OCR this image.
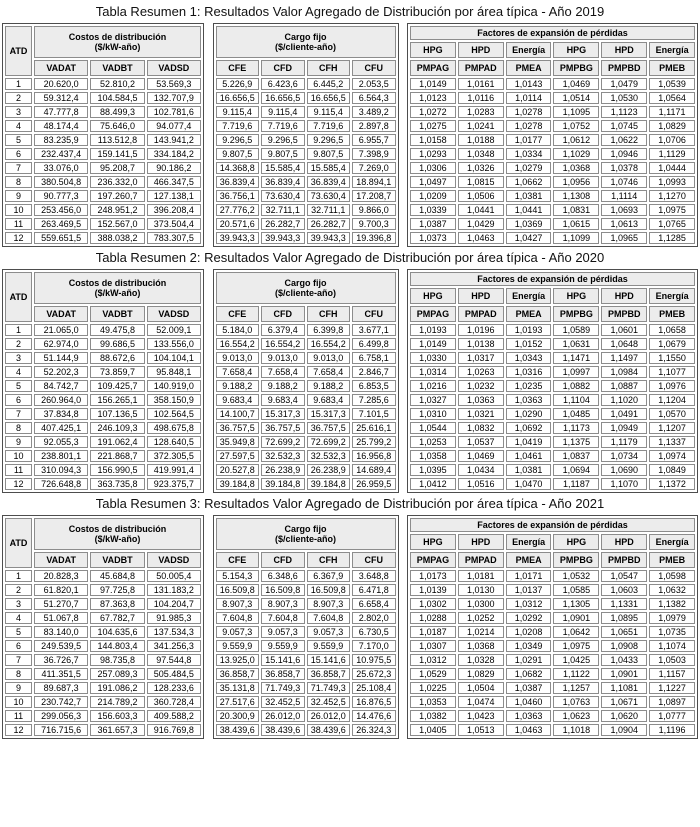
Tabla Resumen 1: Resultados Valor Agregado de Distribución por área típica - Año 2019
ATD	Costos de distribución
($/kW-año)		
	VADAT	VADBT	VADSD
1	20.620,0	52.810,2	53.569,3
2	59.312,4	104.584,5	132.707,9
3	47.777,8	88.499,3	102.781,6
4	48.174,4	75.646,0	94.077,4
5	83.235,9	113.512,8	143.941,2
6	232.437,4	159.141,5	334.184,2
7	33.076,0	95.208,7	90.186,2
8	380.504,8	236.332,0	466.347,5
9	90.777,3	197.260,7	127.138,1
10	253.456,0	248.951,2	396.208,4
11	263.469,5	152.567,0	373.504,4
12	559.651,5	388.038,2	783.307,5
Cargo fijo
($/cliente-año)			
CFE	CFD	CFH	CFU
5.226,9	6.423,6	6.445,2	2.053,5
16.656,5	16.656,5	16.656,5	6.564,3
9.115,4	9.115,4	9.115,4	3.489,2
7.719,6	7.719,6	7.719,6	2.897,8
9.296,5	9.296,5	9.296,5	6.955,7
9.807,5	9.807,5	9.807,5	7.398,9
14.368,8	15.585,4	15.585,4	7.269,0
36.839,4	36.839,4	36.839,4	18.894,1
36.756,1	73.630,4	73.630,4	17.208,7
27.776,2	32.711,1	32.711,1	9.866,0
20.571,6	26.282,7	26.282,7	9.700,3
39.943,3	39.943,3	39.943,3	19.396,8
Factores de expansión de pérdidas					
HPG	HPD	Energía	HPG	HPD	Energía
PMPAG	PMPAD	PMEA	PMPBG	PMPBD	PMEB
1,0149	1,0161	1,0143	1,0469	1,0479	1,0539
1,0123	1,0116	1,0114	1,0514	1,0530	1,0564
1,0272	1,0283	1,0278	1,1095	1,1123	1,1171
1,0275	1,0241	1,0278	1,0752	1,0745	1,0829
1,0158	1,0188	1,0177	1,0612	1,0622	1,0706
1,0293	1,0348	1,0334	1,1029	1,0946	1,1129
1,0306	1,0326	1,0279	1,0368	1,0378	1,0444
1,0497	1,0815	1,0662	1,0956	1,0746	1,0993
1,0209	1,0506	1,0381	1,1308	1,1114	1,1270
1,0339	1,0441	1,0441	1,0831	1,0693	1,0975
1,0387	1,0429	1,0369	1,0615	1,0613	1,0765
1,0373	1,0463	1,0427	1,1099	1,0965	1,1285
Tabla Resumen 2: Resultados Valor Agregado de Distribución por área típica - Año 2020
ATD	Costos de distribución
($/kW-año)		
	VADAT	VADBT	VADSD
1	21.065,0	49.475,8	52.009,1
2	62.974,0	99.686,5	133.556,0
3	51.144,9	88.672,6	104.104,1
4	52.202,3	73.859,7	95.848,1
5	84.742,7	109.425,7	140.919,0
6	260.964,0	156.265,1	358.150,9
7	37.834,8	107.136,5	102.564,5
8	407.425,1	246.109,3	498.675,8
9	92.055,3	191.062,4	128.640,5
10	238.801,1	221.868,7	372.305,5
11	310.094,3	156.990,5	419.991,4
12	726.648,8	363.735,8	923.375,7
Cargo fijo
($/cliente-año)			
CFE	CFD	CFH	CFU
5.184,0	6.379,4	6.399,8	3.677,1
16.554,2	16.554,2	16.554,2	6.499,8
9.013,0	9.013,0	9.013,0	6.758,1
7.658,4	7.658,4	7.658,4	2.846,7
9.188,2	9.188,2	9.188,2	6.853,5
9.683,4	9.683,4	9.683,4	7.285,6
14.100,7	15.317,3	15.317,3	7.101,5
36.757,5	36.757,5	36.757,5	25.616,1
35.949,8	72.699,2	72.699,2	25.799,2
27.597,5	32.532,3	32.532,3	16.956,8
20.527,8	26.238,9	26.238,9	14.689,4
39.184,8	39.184,8	39.184,8	26.959,5
Factores de expansión de pérdidas					
HPG	HPD	Energía	HPG	HPD	Energía
PMPAG	PMPAD	PMEA	PMPBG	PMPBD	PMEB
1,0193	1,0196	1,0193	1,0589	1,0601	1,0658
1,0149	1,0138	1,0152	1,0631	1,0648	1,0679
1,0330	1,0317	1,0343	1,1471	1,1497	1,1550
1,0314	1,0263	1,0316	1,0997	1,0984	1,1077
1,0216	1,0232	1,0235	1,0882	1,0887	1,0976
1,0327	1,0363	1,0363	1,1104	1,1020	1,1204
1,0310	1,0321	1,0290	1,0485	1,0491	1,0570
1,0544	1,0832	1,0692	1,1173	1,0949	1,1207
1,0253	1,0537	1,0419	1,1375	1,1179	1,1337
1,0358	1,0469	1,0461	1,0837	1,0734	1,0974
1,0395	1,0434	1,0381	1,0694	1,0690	1,0849
1,0412	1,0516	1,0470	1,1187	1,1070	1,1372
Tabla Resumen 3: Resultados Valor Agregado de Distribución por área típica - Año 2021
ATD	Costos de distribución
($/kW-año)		
	VADAT	VADBT	VADSD
1	20.828,3	45.684,8	50.005,4
2	61.820,1	97.725,8	131.183,2
3	51.270,7	87.363,8	104.204,7
4	51.067,8	67.782,7	91.985,3
5	83.140,0	104.635,6	137.534,3
6	249.539,5	144.803,4	341.256,3
7	36.726,7	98.735,8	97.544,8
8	411.351,5	257.089,3	505.484,5
9	89.687,3	191.086,2	128.233,6
10	230.742,7	214.789,2	360.728,4
11	299.056,3	156.603,3	409.588,2
12	716.715,6	361.657,3	916.769,8
Cargo fijo
($/cliente-año)			
CFE	CFD	CFH	CFU
5.154,3	6.348,6	6.367,9	3.648,8
16.509,8	16.509,8	16.509,8	6.471,8
8.907,3	8.907,3	8.907,3	6.658,4
7.604,8	7.604,8	7.604,8	2.802,0
9.057,3	9.057,3	9.057,3	6.730,5
9.559,9	9.559,9	9.559,9	7.170,0
13.925,0	15.141,6	15.141,6	10.975,5
36.858,7	36.858,7	36.858,7	25.672,3
35.131,8	71.749,3	71.749,3	25.108,4
27.517,6	32.452,5	32.452,5	16.876,5
20.300,9	26.012,0	26.012,0	14.476,6
38.439,6	38.439,6	38.439,6	26.324,3
Factores de expansión de pérdidas					
HPG	HPD	Energía	HPG	HPD	Energía
PMPAG	PMPAD	PMEA	PMPBG	PMPBD	PMEB
1,0173	1,0181	1,0171	1,0532	1,0547	1,0598
1,0139	1,0130	1,0137	1,0585	1,0603	1,0632
1,0302	1,0300	1,0312	1,1305	1,1331	1,1382
1,0288	1,0252	1,0292	1,0901	1,0895	1,0979
1,0187	1,0214	1,0208	1,0642	1,0651	1,0735
1,0307	1,0368	1,0349	1,0975	1,0908	1,1074
1,0312	1,0328	1,0291	1,0425	1,0433	1,0503
1,0529	1,0829	1,0682	1,1122	1,0901	1,1157
1,0225	1,0504	1,0387	1,1257	1,1081	1,1227
1,0353	1,0474	1,0460	1,0763	1,0671	1,0897
1,0382	1,0423	1,0363	1,0623	1,0620	1,0777
1,0405	1,0513	1,0463	1,1018	1,0904	1,1196
